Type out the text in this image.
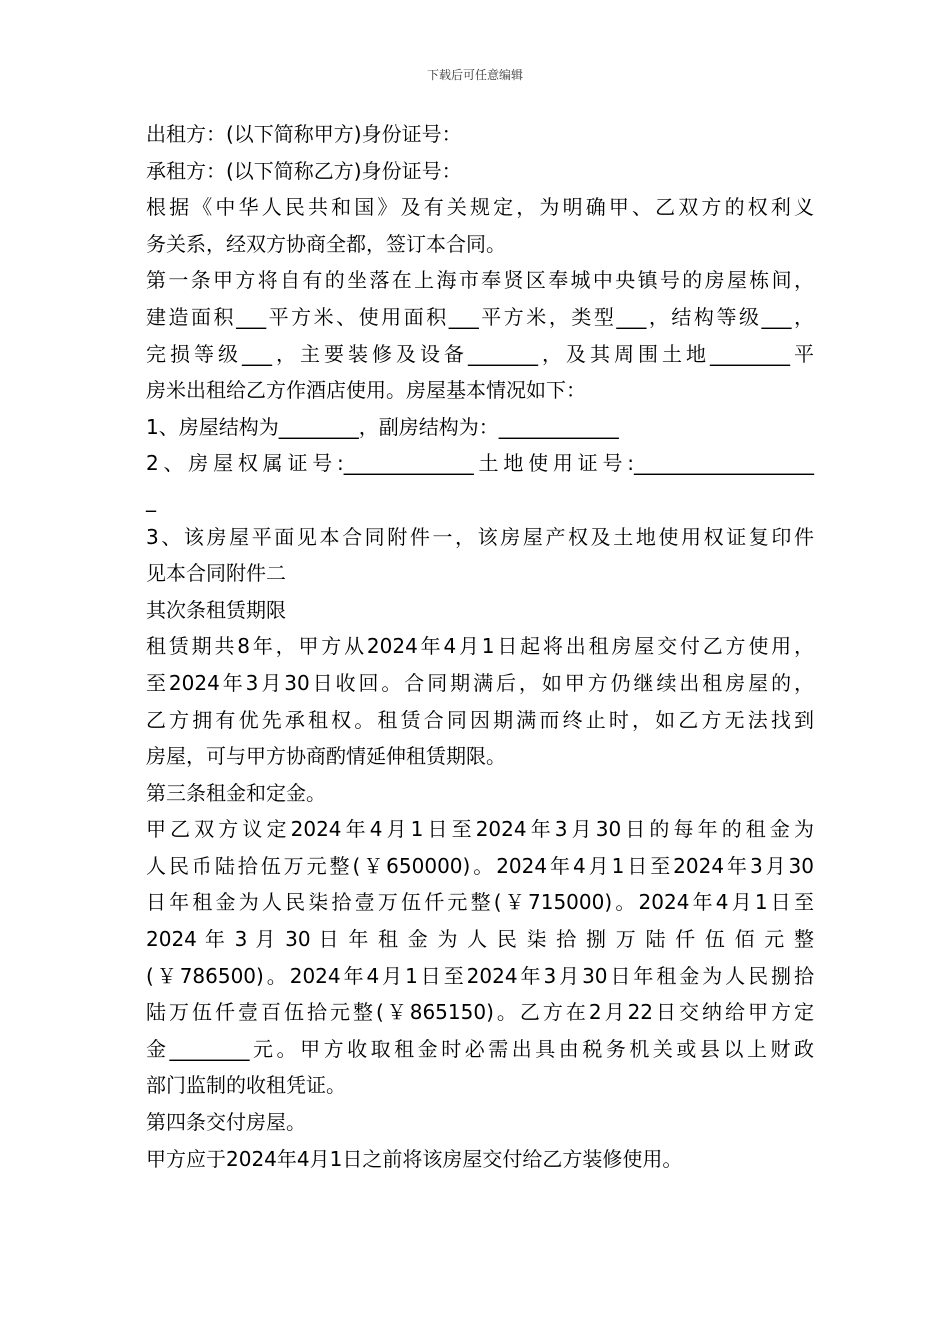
下载后可任意编辑

出租方：(以下简称甲方)身份证号：

承租方：(以下简称乙方)身份证号：

根据《中华人民共和国》及有关规定，为明确甲、乙双方的权利义

务关系，经双方协商全都，签订本合同。

第一条甲方将自有的坐落在上海市奉贤区奉城中央镇号的房屋栋间，

建造面积___平方米、使用面积___平方米，类型___，结构等级___，

完损等级___，主要装修及设备_______，及其周围土地________平

房米出租给乙方作酒店使用。房屋基本情况如下：

1、房屋结构为________，副房结构为：____________

2、房屋权属证号:_____________土地使用证号:__________________

_

3、该房屋平面见本合同附件一，该房屋产权及土地使用权证复印件

见本合同附件二

其次条租赁期限

租赁期共8年，甲方从2024年4月1日起将出租房屋交付乙方使用，

至2024年3月30日收回。合同期满后，如甲方仍继续出租房屋的，

乙方拥有优先承租权。租赁合同因期满而终止时，如乙方无法找到

房屋，可与甲方协商酌情延伸租赁期限。

第三条租金和定金。

甲乙双方议定2024年4月1日至2024年3月30日的每年的租金为

人民币陆拾伍万元整(￥650000)。2024年4月1日至2024年3月30

日年租金为人民柒拾壹万伍仟元整(￥715000)。2024年4月1日至

2024 年 3 月 30 日 年 租 金 为 人 民 柒 拾 捌 万 陆 仟 伍 佰 元 整

(￥786500)。2024年4月1日至2024年3月30日年租金为人民捌拾

陆万伍仟壹百伍拾元整(￥865150)。乙方在2月22日交纳给甲方定

金________元。甲方收取租金时必需出具由税务机关或县以上财政

部门监制的收租凭证。

第四条交付房屋。

甲方应于2024年4月1日之前将该房屋交付给乙方装修使用。
